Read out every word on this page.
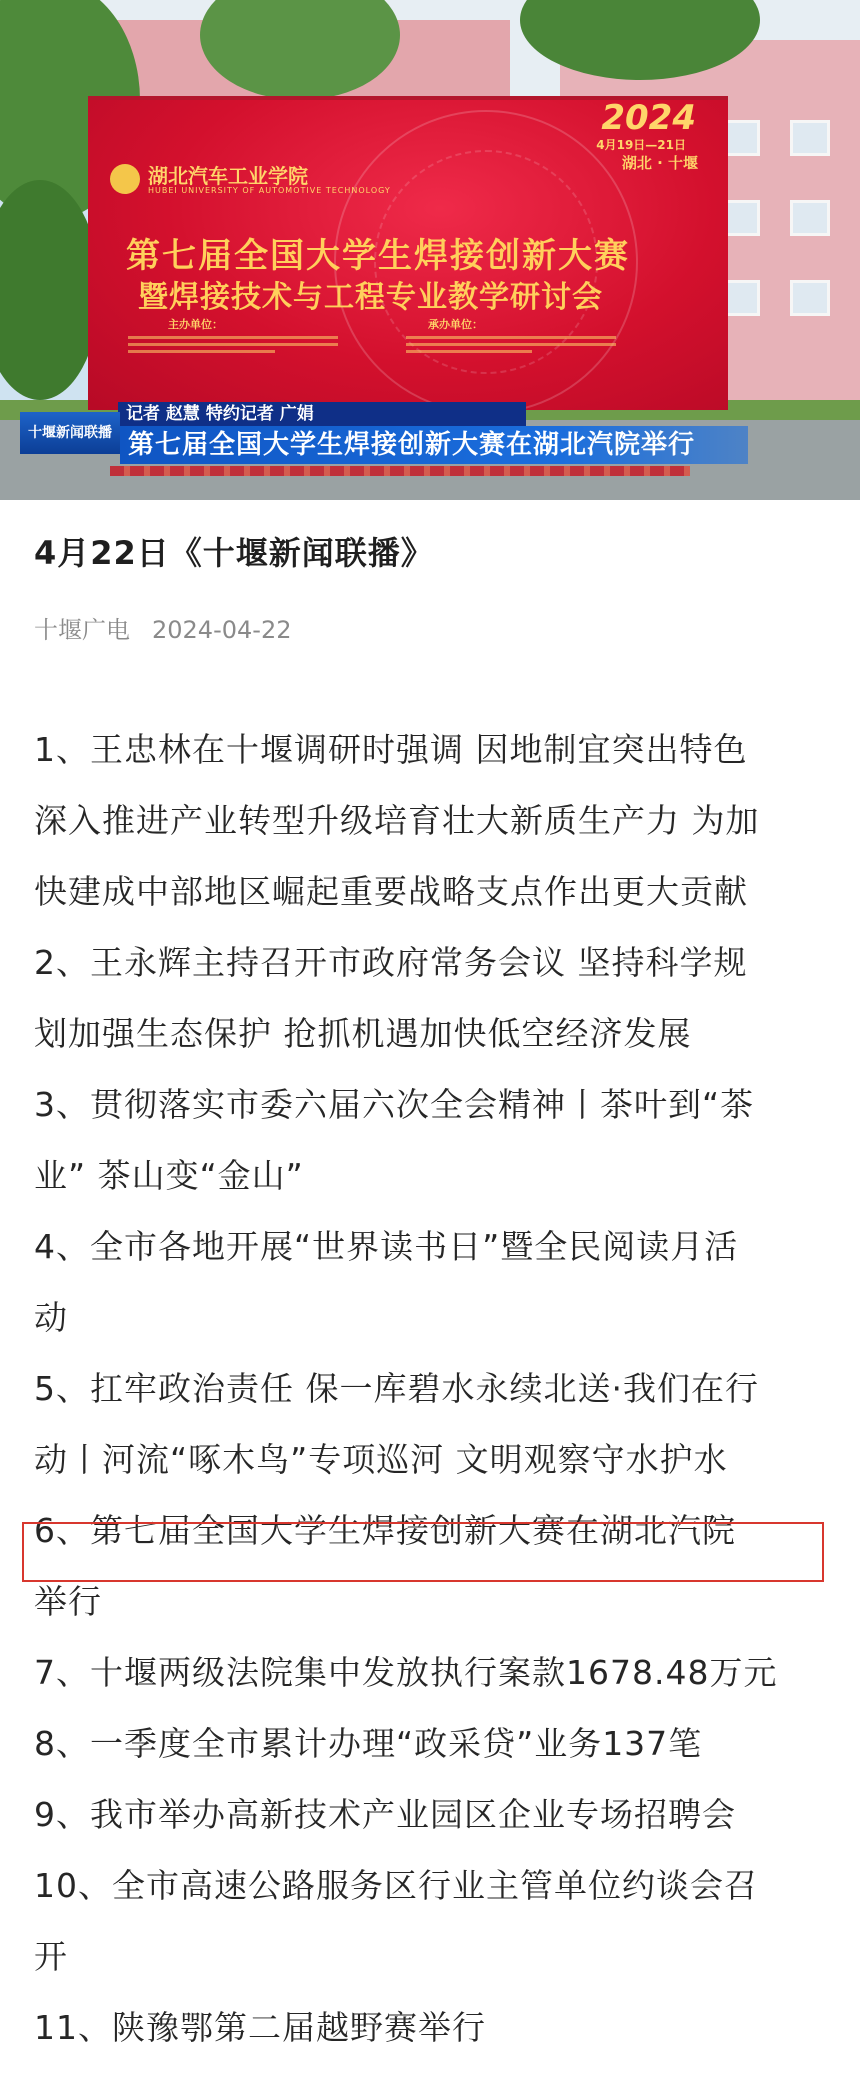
湖北汽车工业学院
HUBEI UNIVERSITY OF AUTOMOTIVE TECHNOLOGY
2024
4月19日—21日
湖北 · 十堰
第七届全国大学生焊接创新大赛
暨焊接技术与工程专业教学研讨会
主办单位：	承办单位：
记者 赵慧 特约记者 广娟
十堰新闻联播 第七届全国大学生焊接创新大赛在湖北汽院举行
4月22日《十堰新闻联播》
十堰广电 2024-04-22
1、王忠林在十堰调研时强调 因地制宜突出特色
深入推进产业转型升级培育壮大新质生产力 为加
快建成中部地区崛起重要战略支点作出更大贡献
2、王永辉主持召开市政府常务会议 坚持科学规
划加强生态保护 抢抓机遇加快低空经济发展
3、贯彻落实市委六届六次全会精神丨茶叶到“茶
业” 茶山变“金山”
4、全市各地开展“世界读书日”暨全民阅读月活
动
5、扛牢政治责任 保一库碧水永续北送·我们在行
动丨河流“啄木鸟”专项巡河 文明观察守水护水
6、第七届全国大学生焊接创新大赛在湖北汽院
举行
7、十堰两级法院集中发放执行案款1678.48万元
8、一季度全市累计办理“政采贷”业务137笔
9、我市举办高新技术产业园区企业专场招聘会
10、全市高速公路服务区行业主管单位约谈会召
开
11、陕豫鄂第二届越野赛举行
